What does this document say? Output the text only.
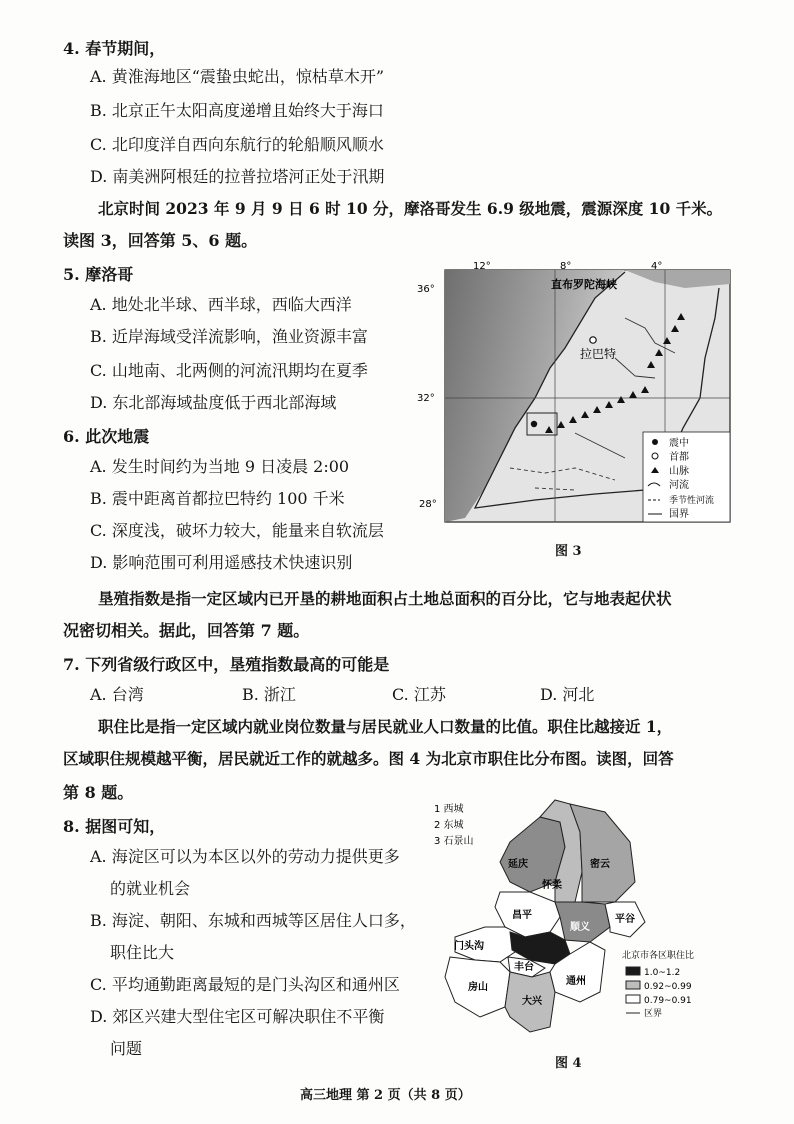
4. 春节期间，
A. 黄淮海地区“震蛰虫蛇出，惊枯草木开”
B. 北京正午太阳高度递增且始终大于海口
C. 北印度洋自西向东航行的轮船顺风顺水
D. 南美洲阿根廷的拉普拉塔河正处于汛期
北京时间 2023 年 9 月 9 日 6 时 10 分，摩洛哥发生 6.9 级地震，震源深度 10 千米。
读图 3，回答第 5、6 题。
5. 摩洛哥
A. 地处北半球、西半球，西临大西洋
B. 近岸海域受洋流影响，渔业资源丰富
C. 山地南、北两侧的河流汛期均在夏季
D. 东北部海域盐度低于西北部海域
6. 此次地震
A. 发生时间约为当地 9 日凌晨 2:00
B. 震中距离首都拉巴特约 100 千米
C. 深度浅，破坏力较大，能量来自软流层
D. 影响范围可利用遥感技术快速识别
拉巴特
直布罗陀海峡
12°	8°	4°
36°
32°
28°
震中
首都
山脉
河流
季节性河流
国界
图 3
垦殖指数是指一定区域内已开垦的耕地面积占土地总面积的百分比，它与地表起伏状
况密切相关。据此，回答第 7 题。
7. 下列省级行政区中，垦殖指数最高的可能是
A. 台湾	B. 浙江	C. 江苏	D. 河北
职住比是指一定区域内就业岗位数量与居民就业人口数量的比值。职住比越接近 1，
区域职住规模越平衡，居民就近工作的就越多。图 4 为北京市职住比分布图。读图，回答
第 8 题。
8. 据图可知，
A. 海淀区可以为本区以外的劳动力提供更多
的就业机会
B. 海淀、朝阳、东城和西城等区居住人口多，
职住比大
C. 平均通勤距离最短的是门头沟区和通州区
D. 郊区兴建大型住宅区可解决职住不平衡
问题
1 西城
2 东城
3 石景山
延庆
怀柔
密云
昌平
顺义
平谷
门头沟
丰台
房山
大兴
通州
北京市各区职住比
1.0~1.2
0.92~0.99
0.79~0.91
区界
图 4
高三地理 第 2 页（共 8 页）
